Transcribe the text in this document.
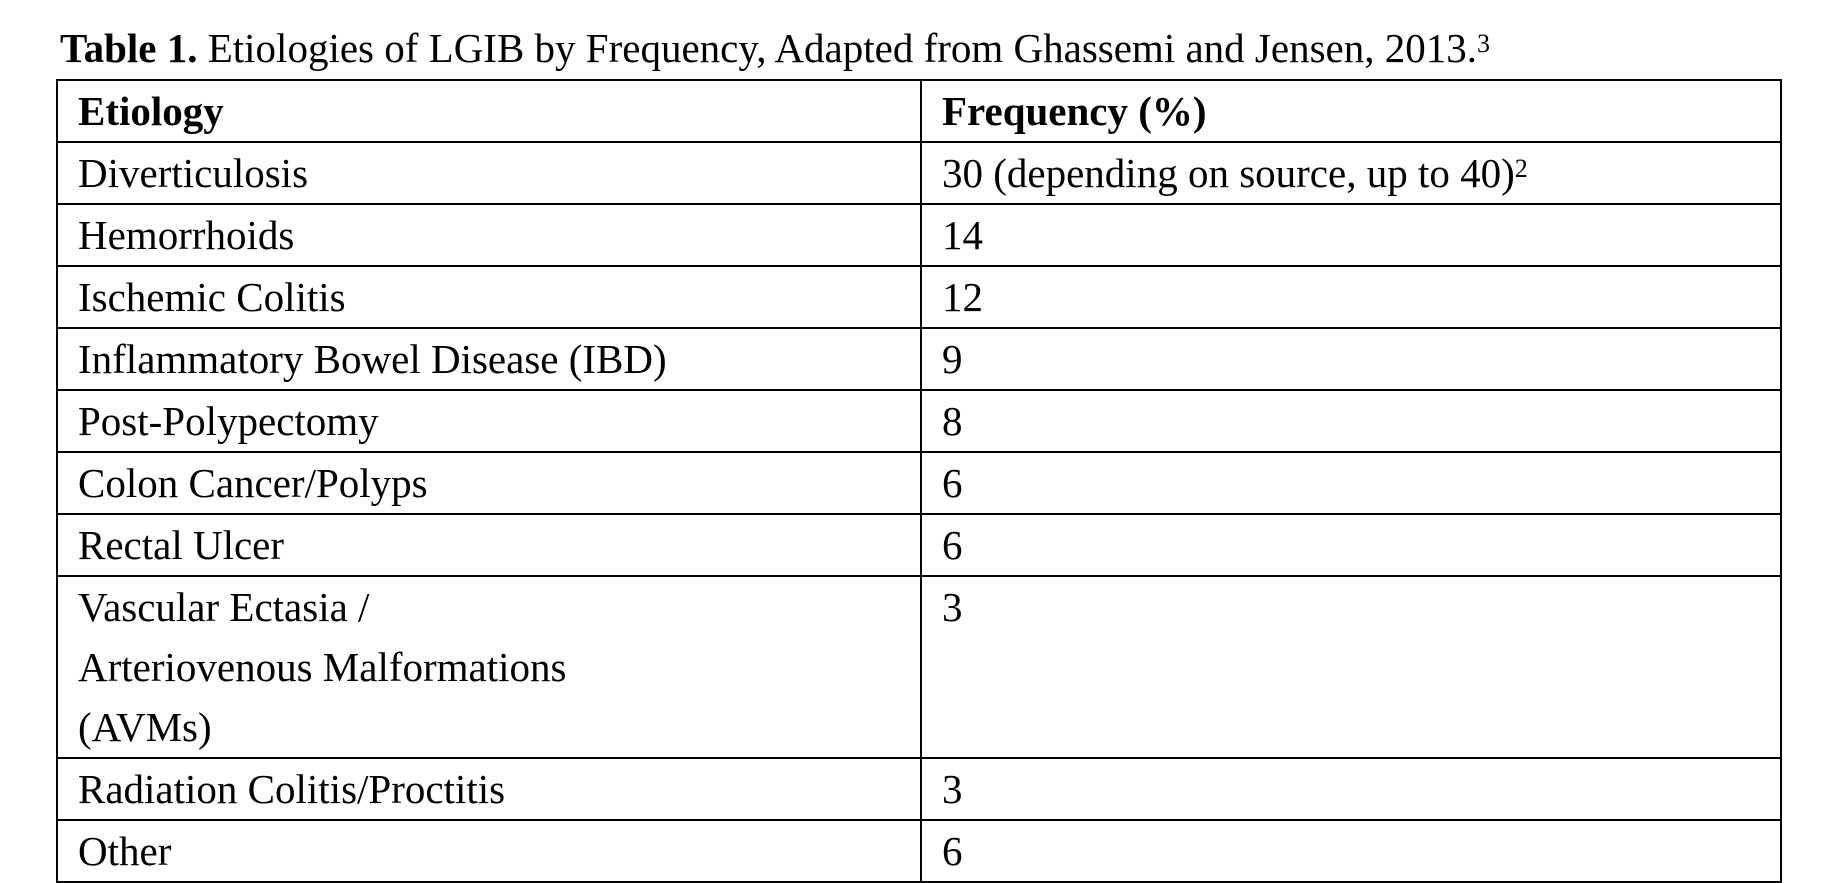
Table 1. Etiologies of LGIB by Frequency, Adapted from Ghassemi and Jensen, 2013.$^3$
Etiology	Frequency (%)
Diverticulosis	30 (depending on source, up to 40)$^2$
Hemorrhoids	14
Ischemic Colitis	12
Inflammatory Bowel Disease (IBD)	9
Post-Polypectomy	8
Colon Cancer/Polyps	6
Rectal Ulcer	6
Vascular Ectasia / Arteriovenous Malformations (AVMs)	3
Radiation Colitis/Proctitis	3
Other	6
